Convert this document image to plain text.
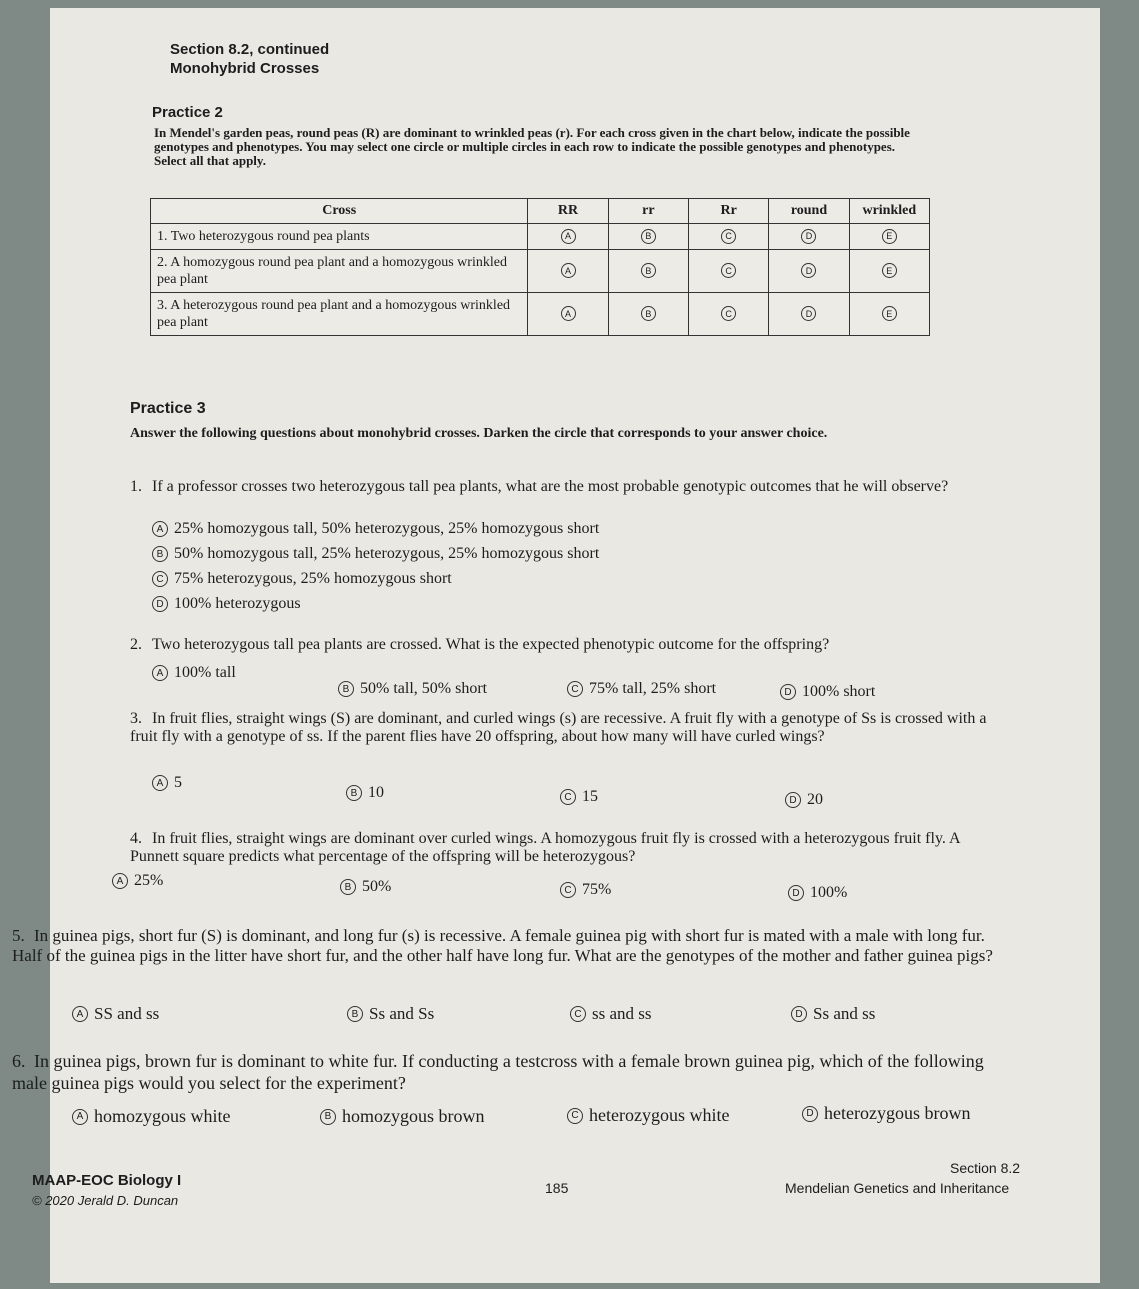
Section 8.2, continued
Monohybrid Crosses
Practice 2
In Mendel's garden peas, round peas (R) are dominant to wrinkled peas (r). For each cross given in the chart below, indicate the possible genotypes and phenotypes. You may select one circle or multiple circles in each row to indicate the possible genotypes and phenotypes. Select all that apply.
Cross	RR	rr	Rr	round	wrinkled
1. Two heterozygous round pea plants	A	B	C	D	E
2. A homozygous round pea plant and a homozygous wrinkled pea plant	A	B	C	D	E
3. A heterozygous round pea plant and a homozygous wrinkled pea plant	A	B	C	D	E
Practice 3
Answer the following questions about monohybrid crosses. Darken the circle that corresponds to your answer choice.
1. If a professor crosses two heterozygous tall pea plants, what are the most probable genotypic outcomes that he will observe?
A 25% homozygous tall, 50% heterozygous, 25% homozygous short
B 50% homozygous tall, 25% heterozygous, 25% homozygous short
C 75% heterozygous, 25% homozygous short
D 100% heterozygous
2. Two heterozygous tall pea plants are crossed. What is the expected phenotypic outcome for the offspring?
A 100% tall
B 50% tall, 50% short	C 75% tall, 25% short	D 100% short
3. In fruit flies, straight wings (S) are dominant, and curled wings (s) are recessive. A fruit fly with a genotype of Ss is crossed with a fruit fly with a genotype of ss. If the parent flies have 20 offspring, about how many will have curled wings?
A 5
B 10	C 15	D 20
4. In fruit flies, straight wings are dominant over curled wings. A homozygous fruit fly is crossed with a heterozygous fruit fly. A Punnett square predicts what percentage of the offspring will be heterozygous?
A 25%	B 50%	C 75%	D 100%
5. In guinea pigs, short fur (S) is dominant, and long fur (s) is recessive. A female guinea pig with short fur is mated with a male with long fur. Half of the guinea pigs in the litter have short fur, and the other half have long fur. What are the genotypes of the mother and father guinea pigs?
A SS and ss	B Ss and Ss	C ss and ss	D Ss and ss
6. In guinea pigs, brown fur is dominant to white fur. If conducting a testcross with a female brown guinea pig, which of the following male guinea pigs would you select for the experiment?
A homozygous white	B homozygous brown	C heterozygous white	D heterozygous brown
MAAP-EOC Biology I
© 2020 Jerald D. Duncan
185
Section 8.2
Mendelian Genetics and Inheritance
